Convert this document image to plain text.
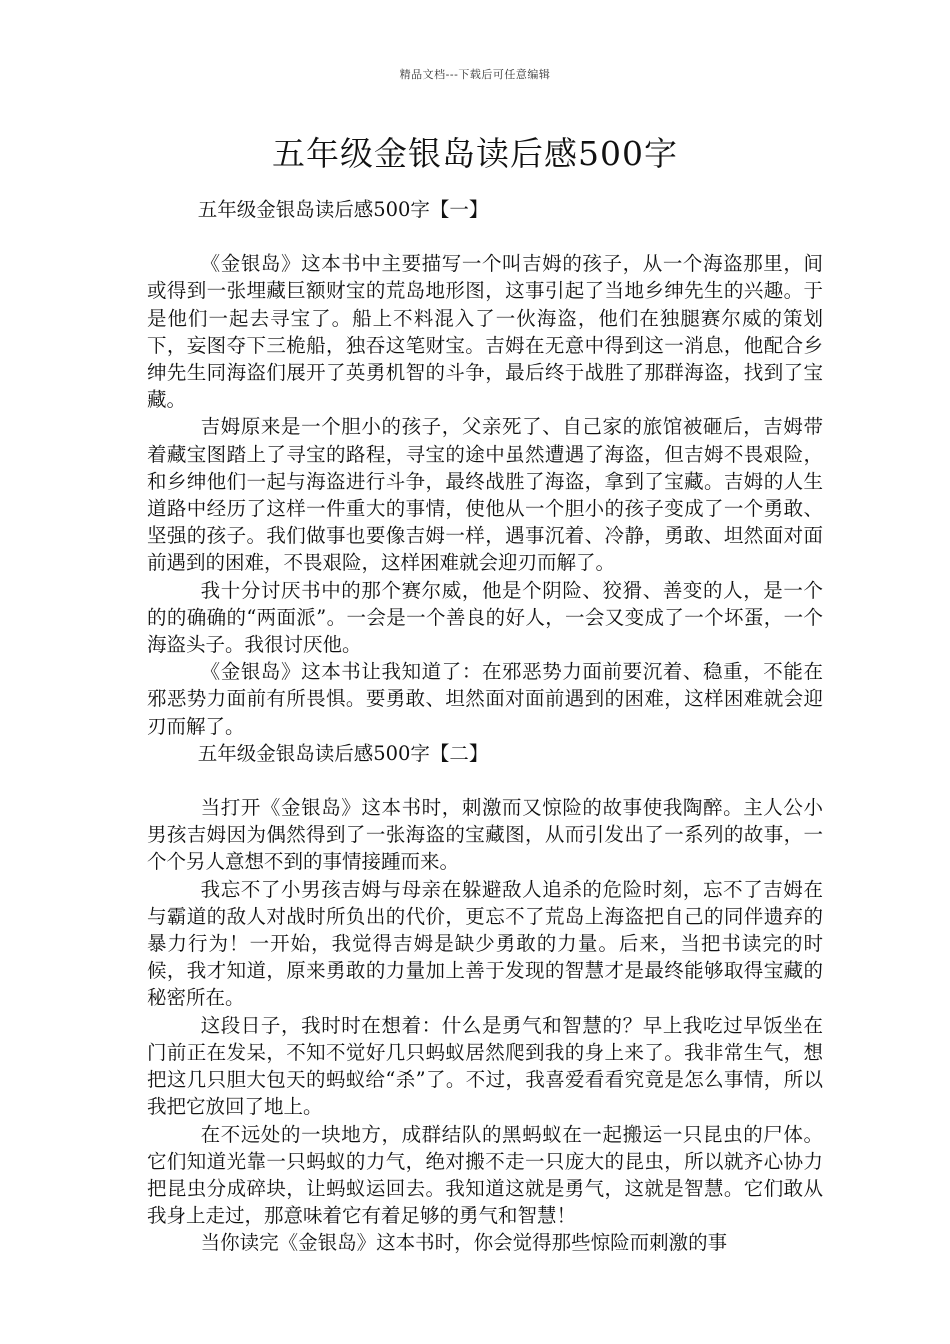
精品文档---下载后可任意编辑
五年级金银岛读后感500字

五年级金银岛读后感500字【一】

《金银岛》这本书中主要描写一个叫吉姆的孩子，从一个海盗那里，间或得到一张埋藏巨额财宝的荒岛地形图，这事引起了当地乡绅先生的兴趣。于是他们一起去寻宝了。船上不料混入了一伙海盗，他们在独腿赛尔威的策划下，妄图夺下三桅船，独吞这笔财宝。吉姆在无意中得到这一消息，他配合乡绅先生同海盗们展开了英勇机智的斗争，最后终于战胜了那群海盗，找到了宝藏。

吉姆原来是一个胆小的孩子，父亲死了、自己家的旅馆被砸后，吉姆带着藏宝图踏上了寻宝的路程，寻宝的途中虽然遭遇了海盗，但吉姆不畏艰险，和乡绅他们一起与海盗进行斗争，最终战胜了海盗，拿到了宝藏。吉姆的人生道路中经历了这样一件重大的事情，使他从一个胆小的孩子变成了一个勇敢、坚强的孩子。我们做事也要像吉姆一样，遇事沉着、冷静，勇敢、坦然面对面前遇到的困难，不畏艰险，这样困难就会迎刃而解了。

我十分讨厌书中的那个赛尔威，他是个阴险、狡猾、善变的人，是一个的的确确的“两面派”。一会是一个善良的好人，一会又变成了一个坏蛋，一个海盗头子。我很讨厌他。

《金银岛》这本书让我知道了：在邪恶势力面前要沉着、稳重，不能在邪恶势力面前有所畏惧。要勇敢、坦然面对面前遇到的困难，这样困难就会迎刃而解了。

五年级金银岛读后感500字【二】

当打开《金银岛》这本书时，刺激而又惊险的故事使我陶醉。主人公小男孩吉姆因为偶然得到了一张海盗的宝藏图，从而引发出了一系列的故事，一个个另人意想不到的事情接踵而来。

我忘不了小男孩吉姆与母亲在躲避敌人追杀的危险时刻，忘不了吉姆在与霸道的敌人对战时所负出的代价，更忘不了荒岛上海盗把自己的同伴遗弃的暴力行为！一开始，我觉得吉姆是缺少勇敢的力量。后来，当把书读完的时候，我才知道，原来勇敢的力量加上善于发现的智慧才是最终能够取得宝藏的秘密所在。

这段日子，我时时在想着：什么是勇气和智慧的？早上我吃过早饭坐在门前正在发呆，不知不觉好几只蚂蚁居然爬到我的身上来了。我非常生气，想把这几只胆大包天的蚂蚁给“杀”了。不过，我喜爱看看究竟是怎么事情，所以我把它放回了地上。

在不远处的一块地方，成群结队的黑蚂蚁在一起搬运一只昆虫的尸体。它们知道光靠一只蚂蚁的力气，绝对搬不走一只庞大的昆虫，所以就齐心协力把昆虫分成碎块，让蚂蚁运回去。我知道这就是勇气，这就是智慧。它们敢从我身上走过，那意味着它有着足够的勇气和智慧！

当你读完《金银岛》这本书时，你会觉得那些惊险而刺激的事
